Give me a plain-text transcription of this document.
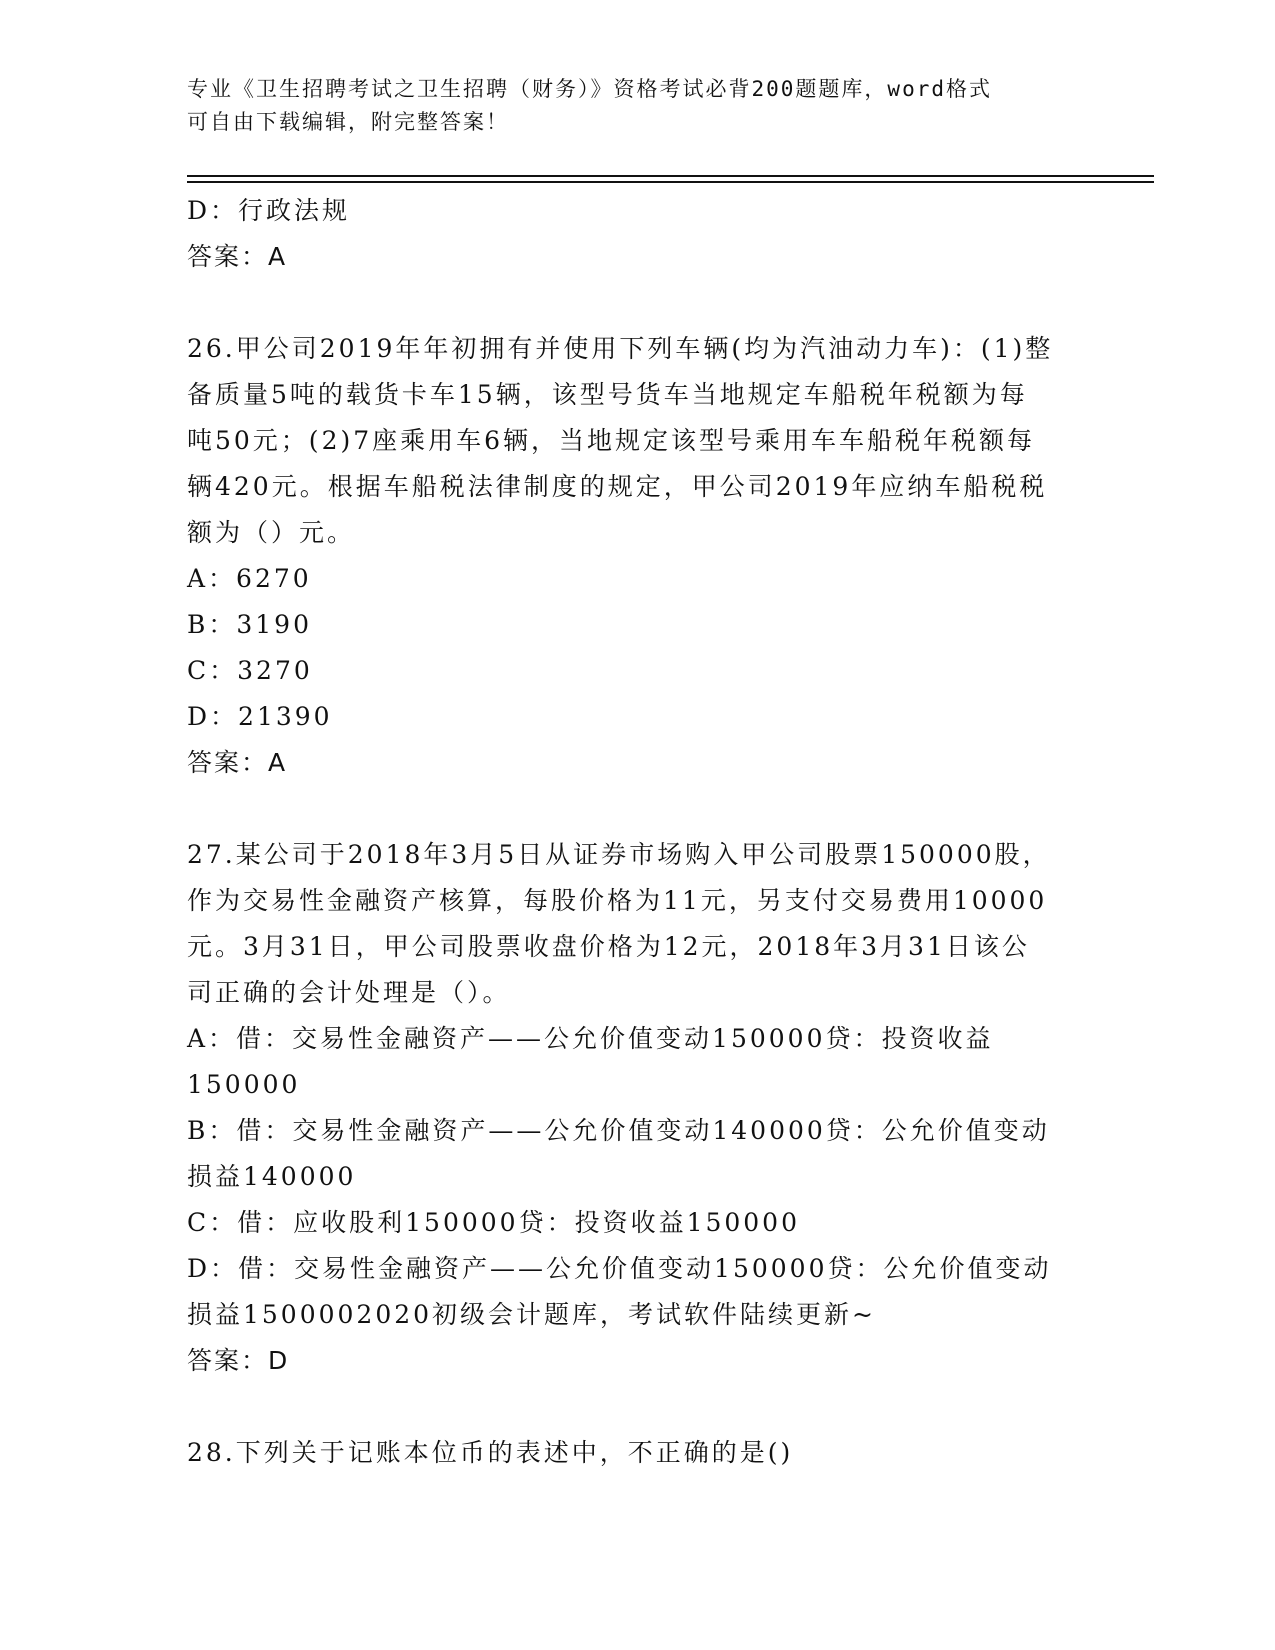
专业《卫生招聘考试之卫生招聘（财务）》资格考试必背200题题库，word格式
可自由下载编辑，附完整答案！
D：行政法规
答案：A
26.甲公司2019年年初拥有并使用下列车辆(均为汽油动力车)：(1)整
备质量5吨的载货卡车15辆，该型号货车当地规定车船税年税额为每
吨50元；(2)7座乘用车6辆，当地规定该型号乘用车车船税年税额每
辆420元。根据车船税法律制度的规定，甲公司2019年应纳车船税税
额为（）元。
A：6270
B：3190
C：3270
D：21390
答案：A
27.某公司于2018年3月5日从证券市场购入甲公司股票150000股，
作为交易性金融资产核算，每股价格为11元，另支付交易费用10000
元。3月31日，甲公司股票收盘价格为12元，2018年3月31日该公
司正确的会计处理是（）。
A：借：交易性金融资产——公允价值变动150000贷：投资收益
150000
B：借：交易性金融资产——公允价值变动140000贷：公允价值变动
损益140000
C：借：应收股利150000贷：投资收益150000
D：借：交易性金融资产——公允价值变动150000贷：公允价值变动
损益1500002020初级会计题库，考试软件陆续更新~
答案：D
28.下列关于记账本位币的表述中，不正确的是()
